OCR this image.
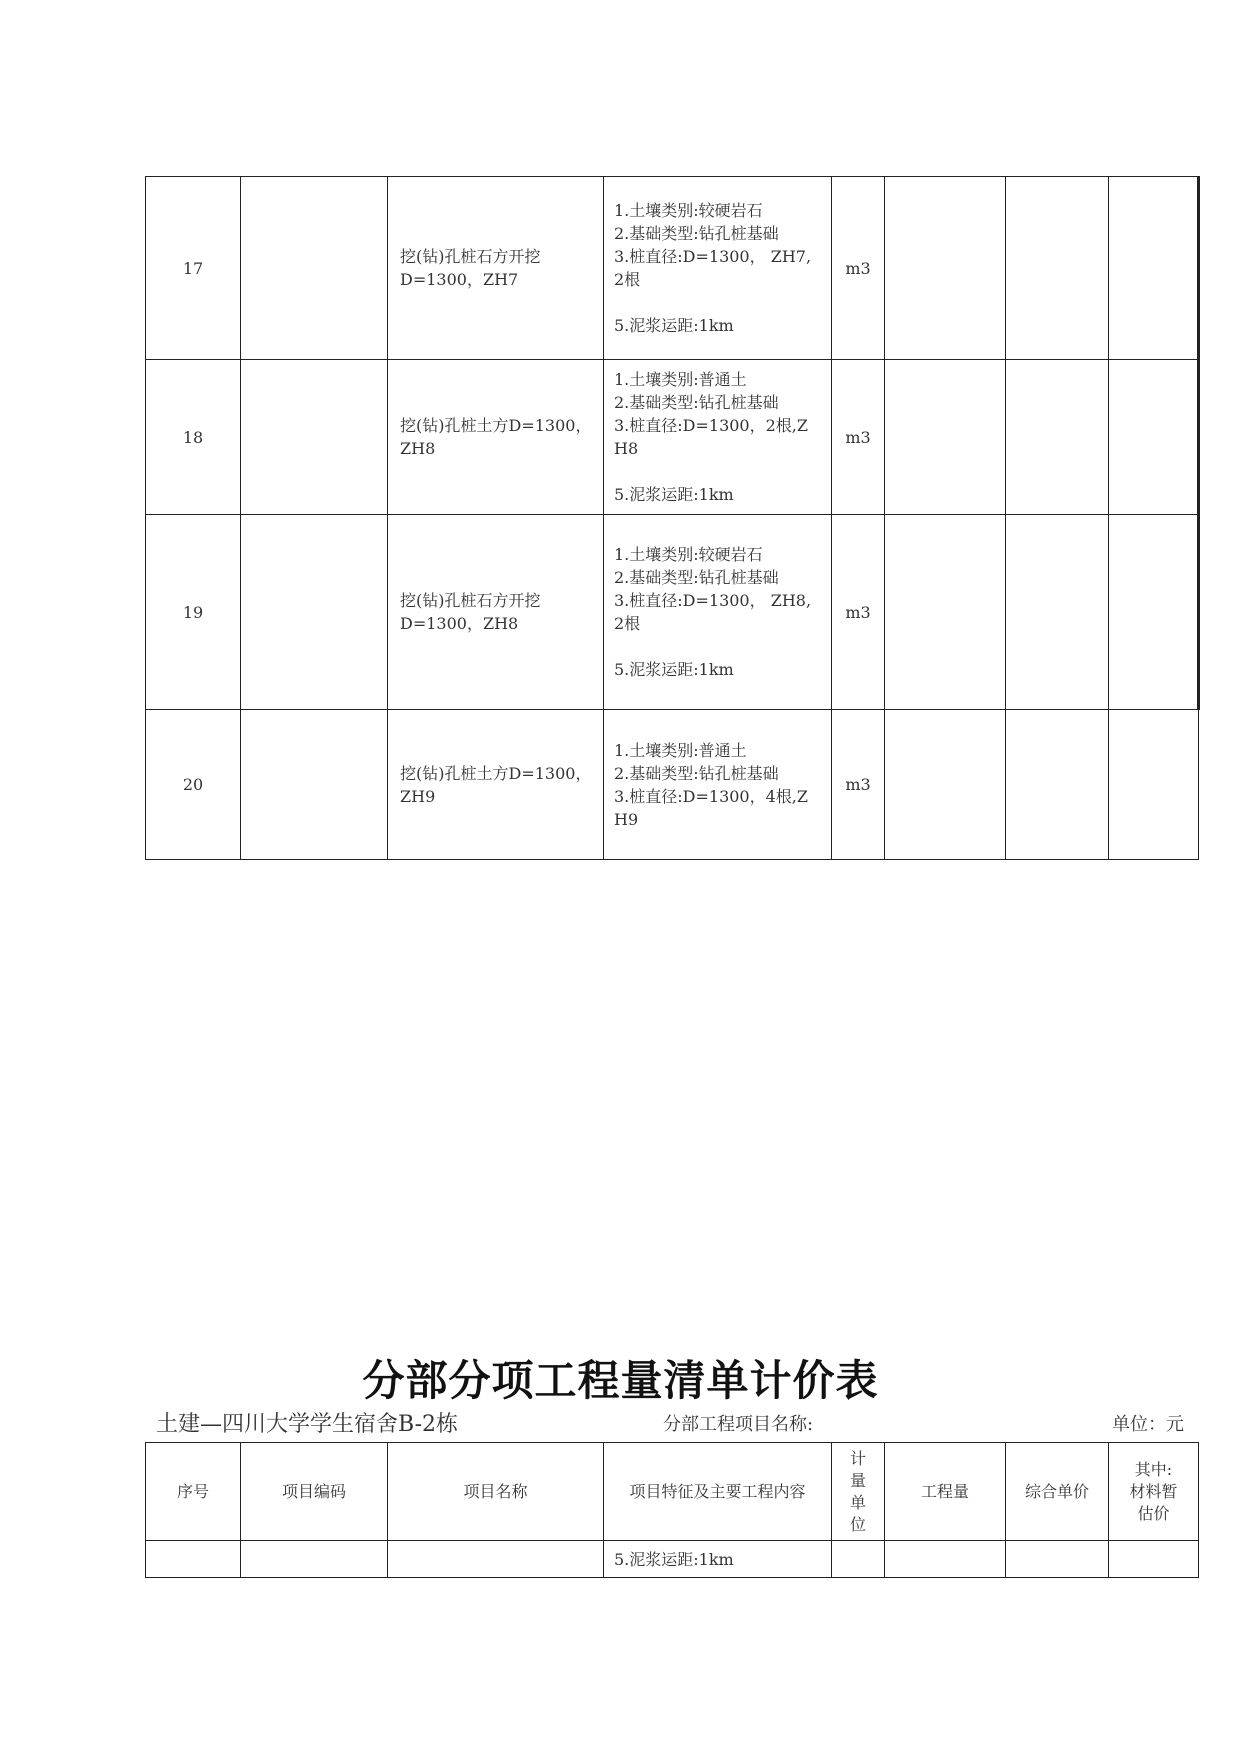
17		挖(钻)孔桩石方开挖D=1300，ZH7	1.土壤类别:较硬岩石
2.基础类型:钻孔桩基础
3.桩直径:D=1300， ZH7,2根
5.泥浆运距:1km	m3			
18		挖(钻)孔桩土方D=1300，ZH8	1.土壤类别:普通土
2.基础类型:钻孔桩基础
3.桩直径:D=1300，2根,ZH8
5.泥浆运距:1km	m3			
19		挖(钻)孔桩石方开挖D=1300，ZH8	1.土壤类别:较硬岩石
2.基础类型:钻孔桩基础
3.桩直径:D=1300， ZH8,2根
5.泥浆运距:1km	m3			
20		挖(钻)孔桩土方D=1300，ZH9	1.土壤类别:普通土
2.基础类型:钻孔桩基础
3.桩直径:D=1300，4根,ZH9	m3			
分部分项工程量清单计价表
土建—四川大学学生宿舍B-2栋	分部工程项目名称:	单位：元
序号	项目编码	项目名称	项目特征及主要工程内容	计
量
单
位	工程量	综合单价	其中:
材料暂
估价

			5.泥浆运距:1km				
